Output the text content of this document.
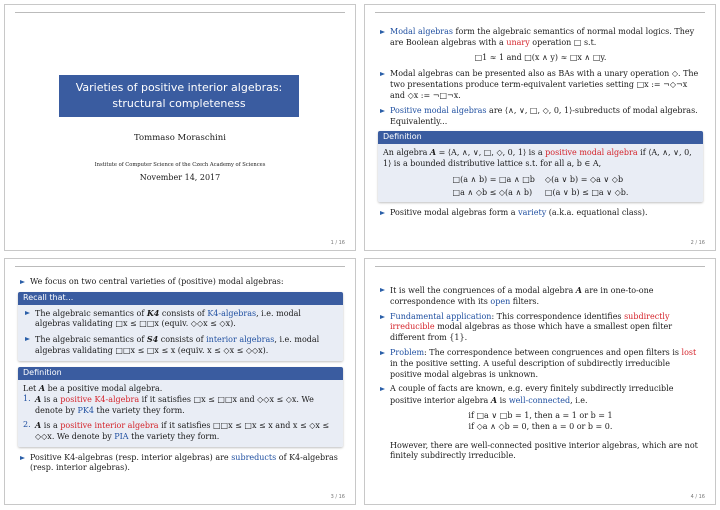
Varieties of positive interior algebras:
structural completeness
Tommaso Moraschini
Institute of Computer Science of the Czech Academy of Sciences
November 14, 2017
1 / 16
Modal algebras form the algebraic semantics of normal modal logics. They are Boolean algebras with a unary operation □ s.t.
□1 ≈ 1 and □(x ∧ y) ≈ □x ∧ □y.
Modal algebras can be presented also as BAs with a unary operation ◇. The two presentations produce term-equivalent varieties setting □x := ¬◇¬x and ◇x := ¬□¬x.
Positive modal algebras are ⟨∧, ∨, □, ◇, 0, 1⟩-subreducts of modal algebras. Equivalently...
Definition
An algebra A = ⟨A, ∧, ∨, □, ◇, 0, 1⟩ is a positive modal algebra if ⟨A, ∧, ∨, 0, 1⟩ is a bounded distributive lattice s.t. for all a, b ∈ A,
□(a ∧ b) = □a ∧ □b ◇(a ∨ b) = ◇a ∨ ◇b
□a ∧ ◇b ≤ ◇(a ∧ b)	□(a ∨ b) ≤ □a ∨ ◇b.
Positive modal algebras form a variety (a.k.a. equational class).
2 / 16
We focus on two central varieties of (positive) modal algebras:
Recall that...
The algebraic semantics of K4 consists of K4-algebras, i.e. modal algebras validating □x ≤ □□x (equiv. ◇◇x ≤ ◇x).
The algebraic semantics of S4 consists of interior algebras, i.e. modal algebras validating □□x ≤ □x ≤ x (equiv. x ≤ ◇x ≤ ◇◇x).
Definition
Let A be a positive modal algebra.
1. A is a positive K4-algebra if it satisfies □x ≤ □□x and ◇◇x ≤ ◇x. We denote by PK4 the variety they form.
2. A is a positive interior algebra if it satisfies □□x ≤ □x ≤ x and x ≤ ◇x ≤ ◇◇x. We denote by PIA the variety they form.
Positive K4-algebras (resp. interior algebras) are subreducts of K4-algebras (resp. interior algebras).
3 / 16
It is well the congruences of a modal algebra A are in one-to-one correspondence with its open filters.
Fundamental application: This correspondence identifies subdirectly irreducible modal algebras as those which have a smallest open filter different from {1}.
Problem: The correspondence between congruences and open filters is lost in the positive setting. A useful description of subdirectly irreducible positive modal algebras is unknown.
A couple of facts are known, e.g. every finitely subdirectly irreducible positive interior algebra A is well-connected, i.e.
if □a ∨ □b = 1, then a = 1 or b = 1
if ◇a ∧ ◇b = 0, then a = 0 or b = 0.
However, there are well-connected positive interior algebras, which are not finitely subdirectly irreducible.
4 / 16
